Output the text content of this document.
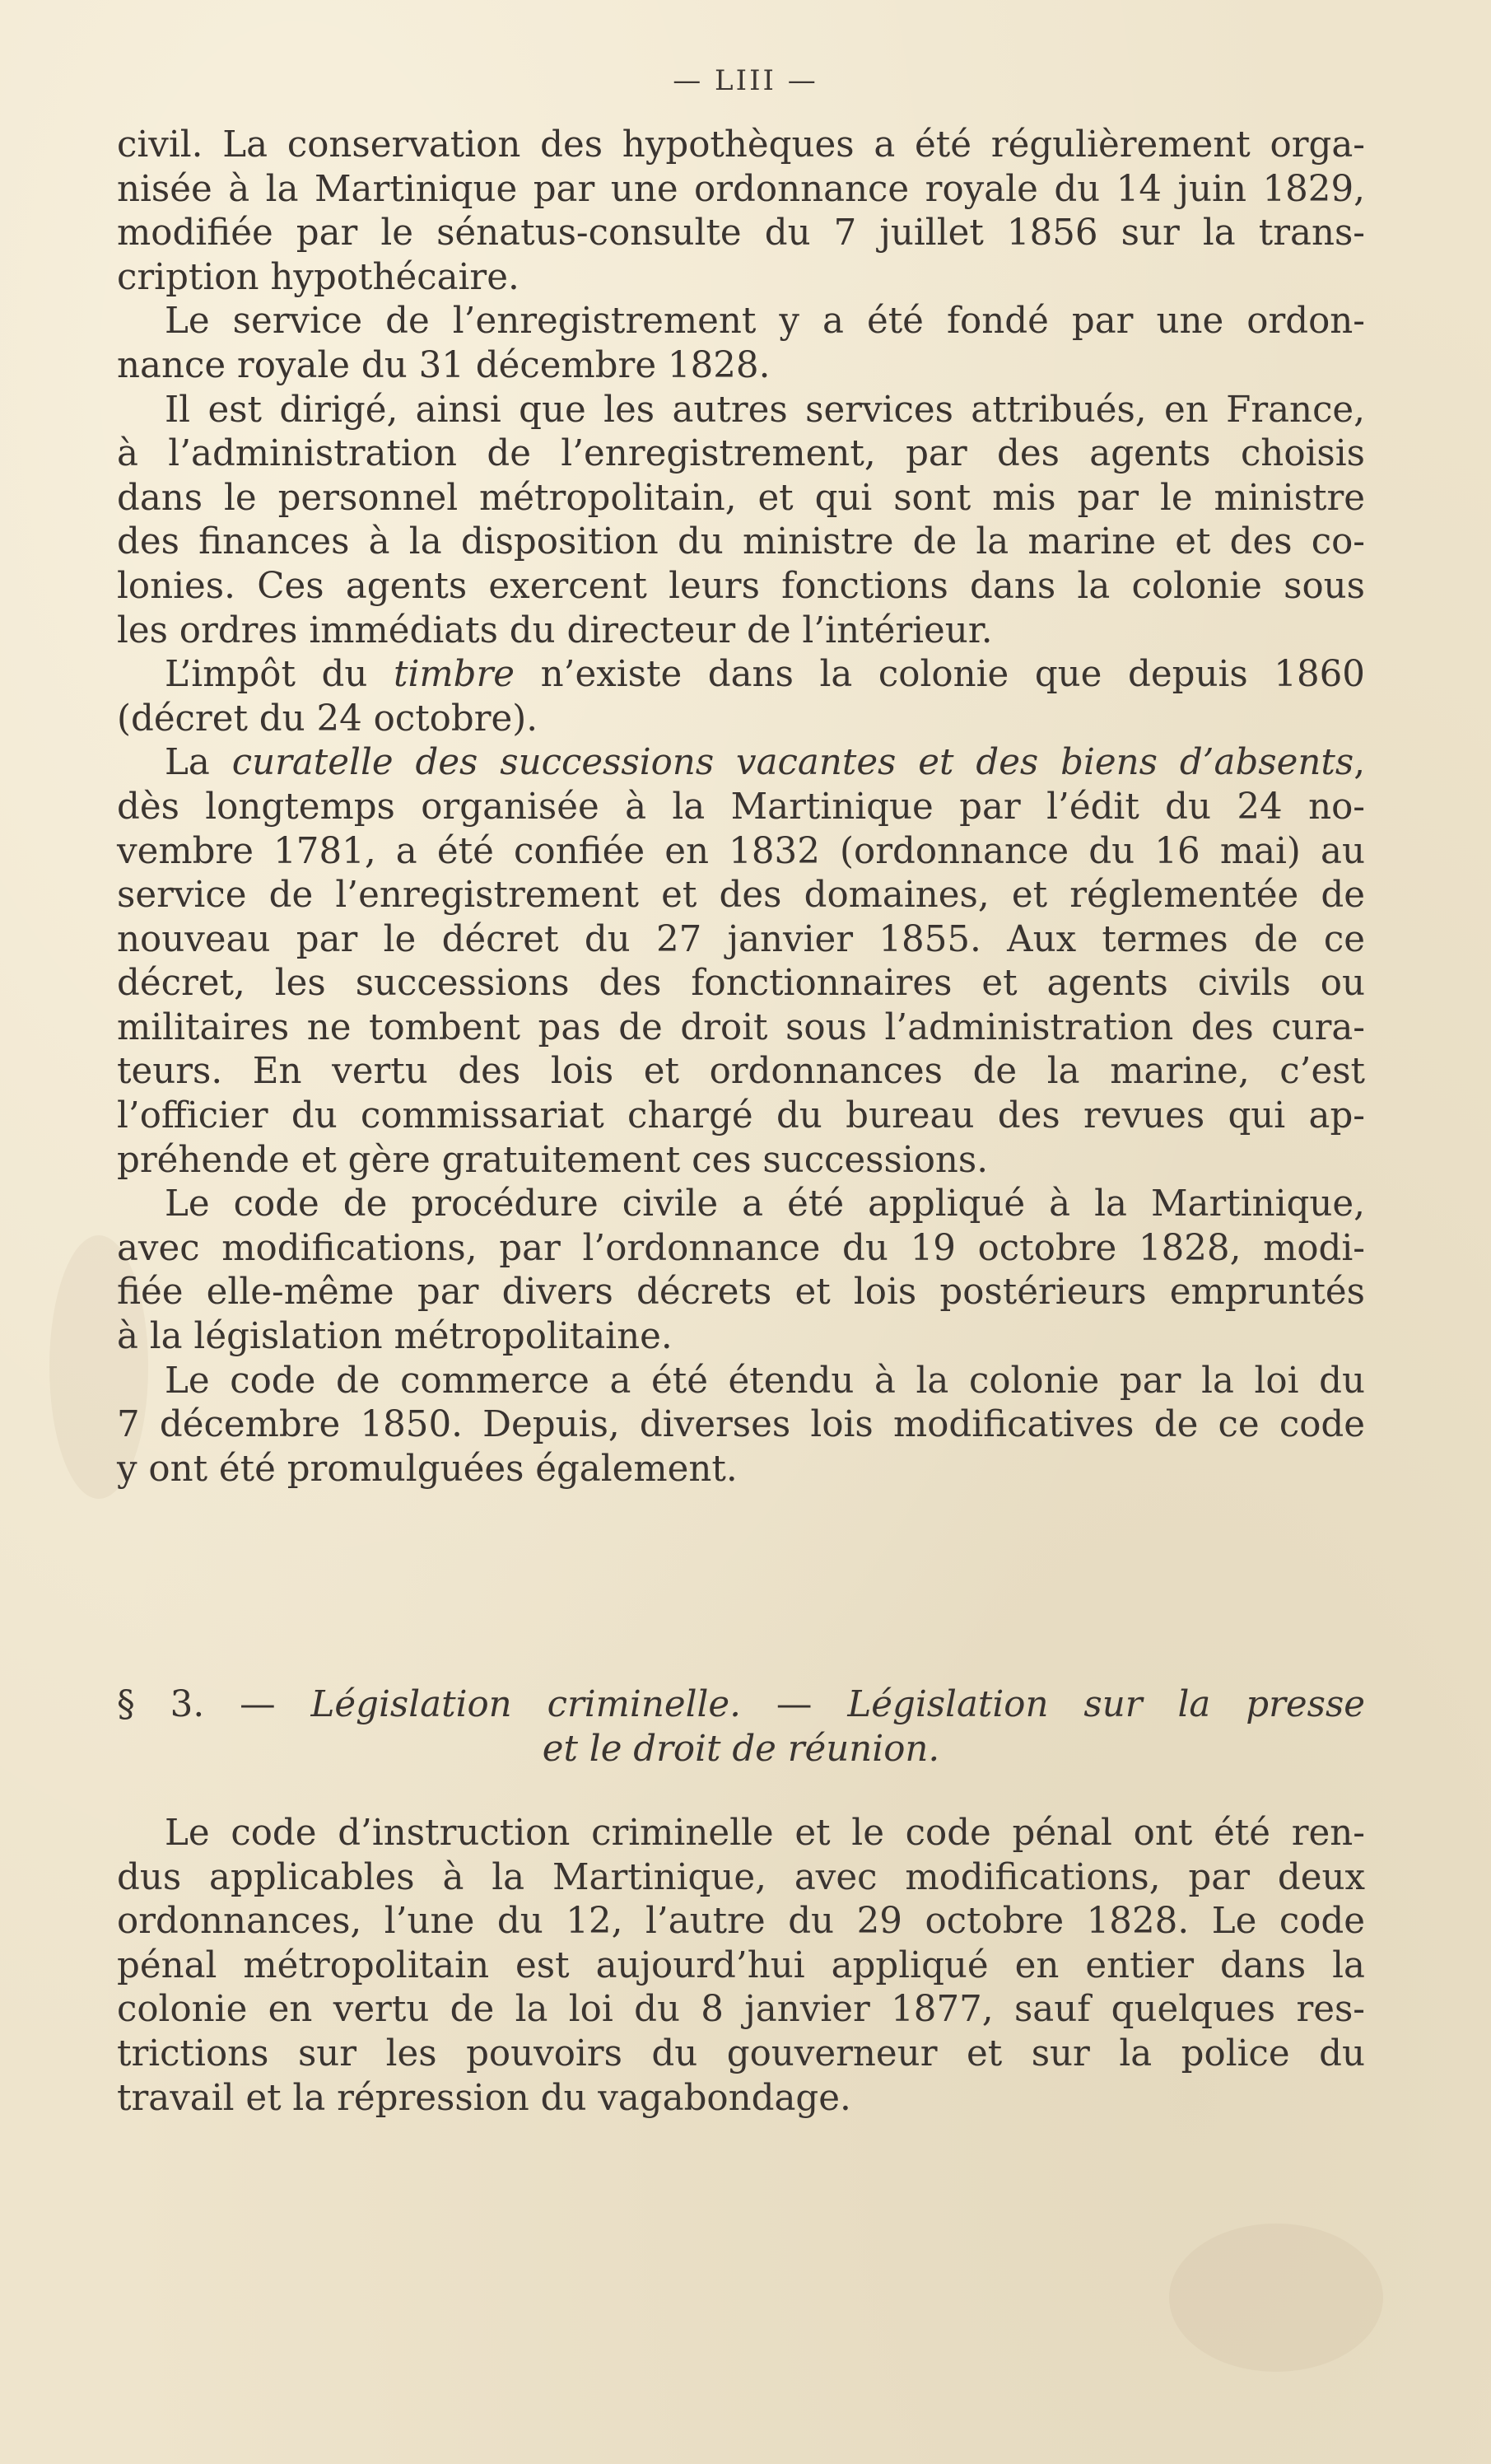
— LIII —
civil. La conservation des hypothèques a été régulièrement orga-
nisée à la Martinique par une ordonnance royale du 14 juin 1829,
modifiée par le sénatus-consulte du 7 juillet 1856 sur la trans-
cription hypothécaire.
Le service de l’enregistrement y a été fondé par une ordon-
nance royale du 31 décembre 1828.
Il est dirigé, ainsi que les autres services attribués, en France,
à l’administration de l’enregistrement, par des agents choisis
dans le personnel métropolitain, et qui sont mis par le ministre
des finances à la disposition du ministre de la marine et des co-
lonies. Ces agents exercent leurs fonctions dans la colonie sous
les ordres immédiats du directeur de l’intérieur.
L’impôt du timbre n’existe dans la colonie que depuis 1860
(décret du 24 octobre).
La curatelle des successions vacantes et des biens d’absents,
dès longtemps organisée à la Martinique par l’édit du 24 no-
vembre 1781, a été confiée en 1832 (ordonnance du 16 mai) au
service de l’enregistrement et des domaines, et réglementée de
nouveau par le décret du 27 janvier 1855. Aux termes de ce
décret, les successions des fonctionnaires et agents civils ou
militaires ne tombent pas de droit sous l’administration des cura-
teurs. En vertu des lois et ordonnances de la marine, c’est
l’officier du commissariat chargé du bureau des revues qui ap-
préhende et gère gratuitement ces successions.
Le code de procédure civile a été appliqué à la Martinique,
avec modifications, par l’ordonnance du 19 octobre 1828, modi-
fiée elle-même par divers décrets et lois postérieurs empruntés
à la législation métropolitaine.
Le code de commerce a été étendu à la colonie par la loi du
7 décembre 1850. Depuis, diverses lois modificatives de ce code
y ont été promulguées également.
§ 3. — Législation criminelle. — Législation sur la presse
et le droit de réunion.
Le code d’instruction criminelle et le code pénal ont été ren-
dus applicables à la Martinique, avec modifications, par deux
ordonnances, l’une du 12, l’autre du 29 octobre 1828. Le code
pénal métropolitain est aujourd’hui appliqué en entier dans la
colonie en vertu de la loi du 8 janvier 1877, sauf quelques res-
trictions sur les pouvoirs du gouverneur et sur la police du
travail et la répression du vagabondage.
